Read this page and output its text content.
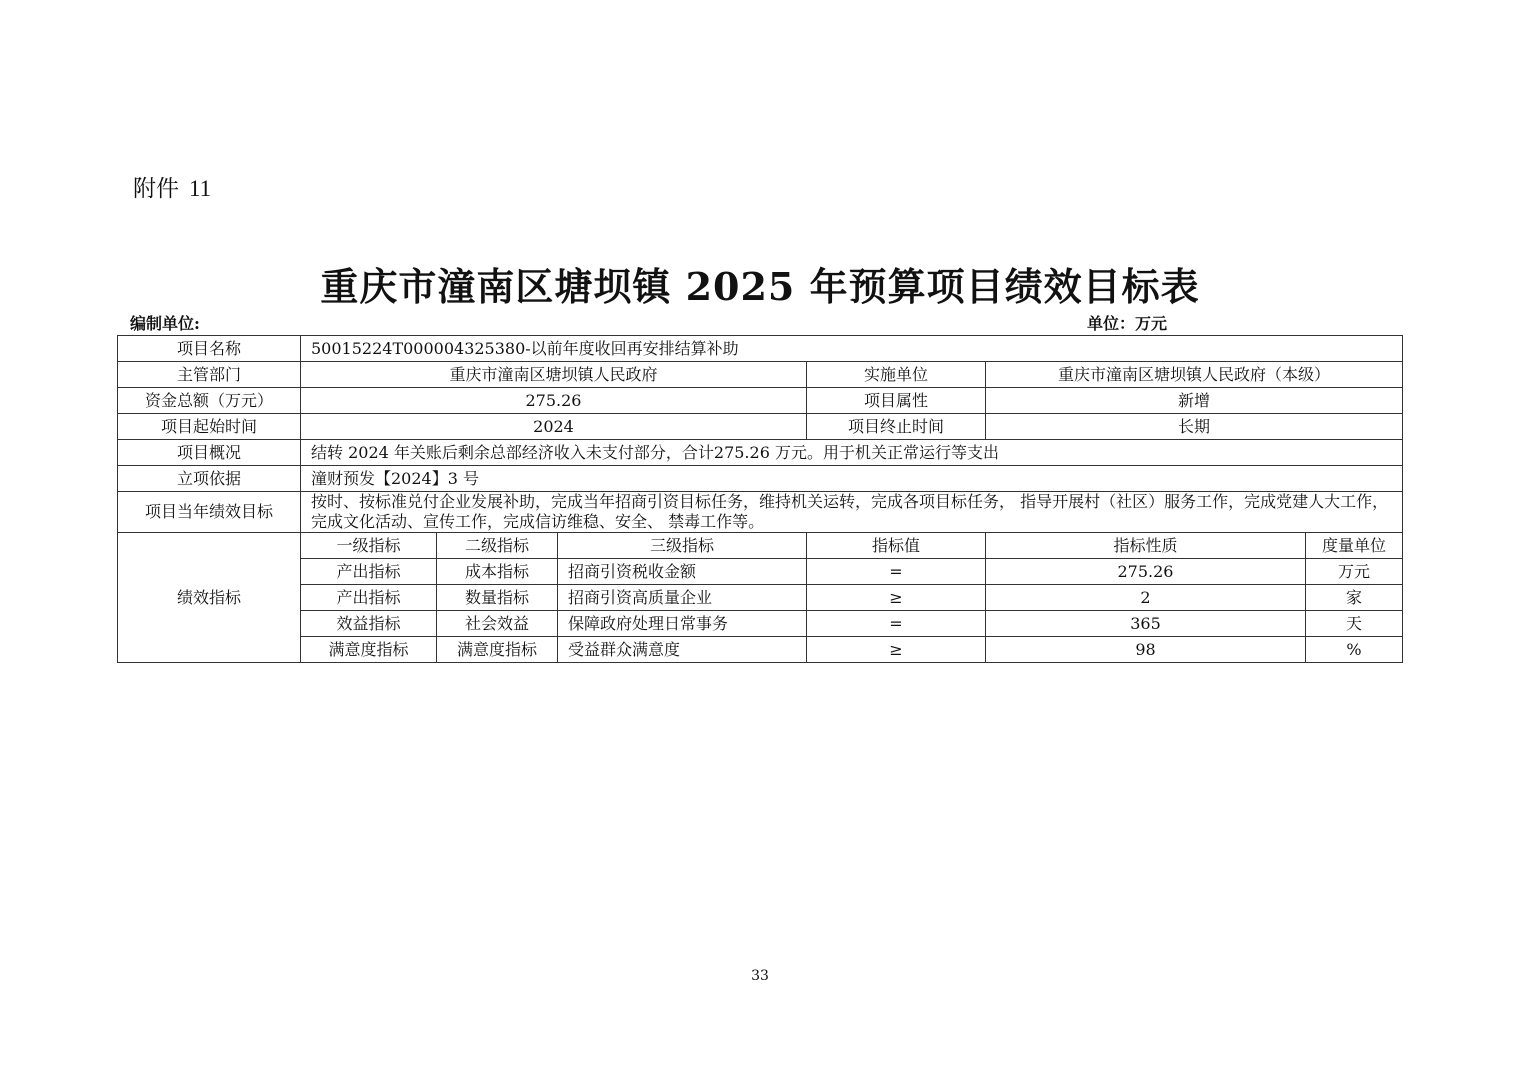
附件 11
重庆市潼南区塘坝镇 2025 年预算项目绩效目标表
编制单位:	单位：万元
项目名称	50015224T000004325380-以前年度收回再安排结算补助					
主管部门	重庆市潼南区塘坝镇人民政府			实施单位	重庆市潼南区塘坝镇人民政府（本级）	
资金总额（万元）	275.26			项目属性	新增	
项目起始时间	2024			项目终止时间	长期	
项目概况	结转 2024 年关账后剩余总部经济收入未支付部分，合计275.26 万元。用于机关正常运行等支出					
立项依据	潼财预发【2024】3 号					
项目当年绩效目标	按时、按标准兑付企业发展补助，完成当年招商引资目标任务，维持机关运转，完成各项目标任务， 指导开展村（社区）服务工作，完成党建人大工作， 完成文化活动、宣传工作，完成信访维稳、安全、 禁毒工作等。					
绩效指标	一级指标	二级指标	三级指标	指标值	指标性质	度量单位
	产出指标	成本指标	招商引资税收金额	=	275.26	万元
	产出指标	数量指标	招商引资高质量企业	≥	2	家
	效益指标	社会效益	保障政府处理日常事务	=	365	天
	满意度指标	满意度指标	受益群众满意度	≥	98	%
33
